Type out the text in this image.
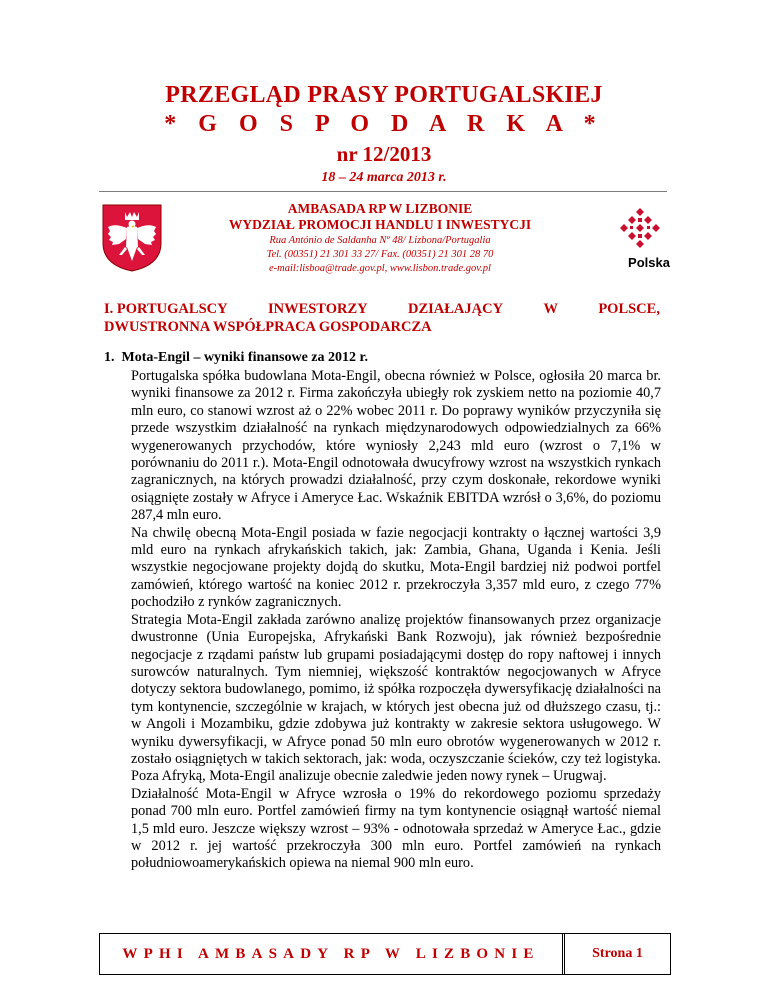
PRZEGLĄD PRASY PORTUGALSKIEJ
* G O S P O D A R K A *
nr 12/2013
18 – 24 marca 2013 r.
AMBASADA RP W LIZBONIE
WYDZIAŁ PROMOCJI HANDLU I INWESTYCJI
Rua António de Saldanha Nº 48/ Lizbona/Portugalia
Tel. (00351) 21 301 33 27/ Fax. (00351) 21 301 28 70
e-mail:lisboa@trade.gov.pl, www.lisbon.trade.gov.pl	Polska
I. PORTUGALSCY	INWESTORZY	DZIAŁAJĄCY	W	POLSCE,
DWUSTRONNA WSPÓŁPRACA GOSPODARCZA
1. Mota-Engil – wyniki finansowe za 2012 r.

Portugalska spółka budowlana Mota-Engil, obecna również w Polsce, ogłosiła 20 marca br. wyniki finansowe za 2012 r. Firma zakończyła ubiegły rok zyskiem netto na poziomie 40,7 mln euro, co stanowi wzrost aż o 22% wobec 2011 r. Do poprawy wyników przyczyniła się przede wszystkim działalność na rynkach międzynarodowych odpowiedzialnych za 66% wygenerowanych przychodów, które wyniosły 2,243 mld euro (wzrost o 7,1% w porównaniu do 2011 r.). Mota-Engil odnotowała dwucyfrowy wzrost na wszystkich rynkach zagranicznych, na których prowadzi działalność, przy czym doskonałe, rekordowe wyniki osiągnięte zostały w Afryce i Ameryce Łac. Wskaźnik EBITDA wzrósł o 3,6%, do poziomu 287,4 mln euro.

Na chwilę obecną Mota-Engil posiada w fazie negocjacji kontrakty o łącznej wartości 3,9 mld euro na rynkach afrykańskich takich, jak: Zambia, Ghana, Uganda i Kenia. Jeśli wszystkie negocjowane projekty dojdą do skutku, Mota-Engil bardziej niż podwoi portfel zamówień, którego wartość na koniec 2012 r. przekroczyła 3,357 mld euro, z czego 77% pochodziło z rynków zagranicznych.

Strategia Mota-Engil zakłada zarówno analizę projektów finansowanych przez organizacje dwustronne (Unia Europejska, Afrykański Bank Rozwoju), jak również bezpośrednie negocjacje z rządami państw lub grupami posiadającymi dostęp do ropy naftowej i innych surowców naturalnych. Tym niemniej, większość kontraktów negocjowanych w Afryce dotyczy sektora budowlanego, pomimo, iż spółka rozpoczęła dywersyfikację działalności na tym kontynencie, szczególnie w krajach, w których jest obecna już od dłuższego czasu, tj.: w Angoli i Mozambiku, gdzie zdobywa już kontrakty w zakresie sektora usługowego. W wyniku dywersyfikacji, w Afryce ponad 50 mln euro obrotów wygenerowanych w 2012 r. zostało osiągniętych w takich sektorach, jak: woda, oczyszczanie ścieków, czy też logistyka. Poza Afryką, Mota-Engil analizuje obecnie zaledwie jeden nowy rynek – Urugwaj.

Działalność Mota-Engil w Afryce wzrosła o 19% do rekordowego poziomu sprzedaży ponad 700 mln euro. Portfel zamówień firmy na tym kontynencie osiągnął wartość niemal 1,5 mld euro. Jeszcze większy wzrost – 93% - odnotowała sprzedaż w Ameryce Łac., gdzie w 2012 r. jej wartość przekroczyła 300 mln euro. Portfel zamówień na rynkach południowoamerykańskich opiewa na niemal 900 mln euro.

WPHI AMBASADY RP W LIZBONIE	Strona 1
